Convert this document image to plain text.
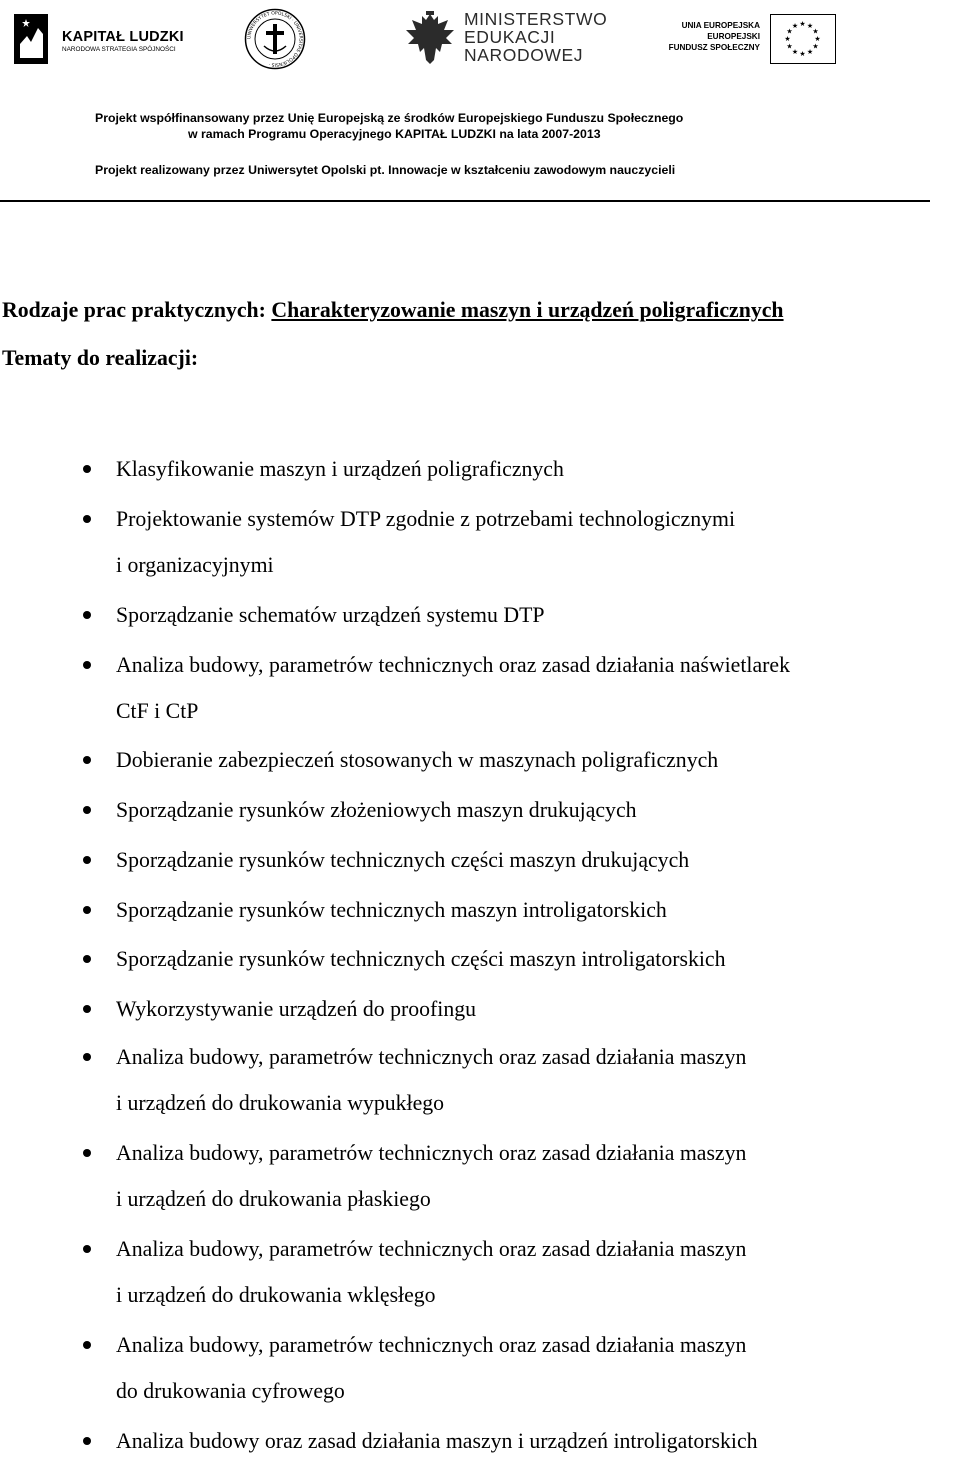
KAPITAŁ LUDZKI
NARODOWA STRATEGIA SPÓJNOŚCI
UNIWERSYTET OPOLSKI · UNIVERSITAS OPOLIENSIS ·
MINISTERSTWO
EDUKACJI
NARODOWEJ
UNIA EUROPEJSKA
EUROPEJSKI
FUNDUSZ SPOŁECZNY
★
★
★
★
★
★
★
★
★ ★ ★
★
Projekt współfinansowany przez Unię Europejską ze środków Europejskiego Funduszu Społecznego
w ramach Programu Operacyjnego KAPITAŁ LUDZKI na lata 2007-2013
Projekt realizowany przez Uniwersytet Opolski pt. Innowacje w kształceniu zawodowym nauczycieli
Rodzaje prac praktycznych: Charakteryzowanie maszyn i urządzeń poligraficznych
Tematy do realizacji:
Klasyfikowanie maszyn i urządzeń poligraficznych
Projektowanie systemów DTP zgodnie z potrzebami technologicznymi
i organizacyjnymi
Sporządzanie schematów urządzeń systemu DTP
Analiza budowy, parametrów technicznych oraz zasad działania naświetlarek
CtF i CtP
Dobieranie zabezpieczeń stosowanych w maszynach poligraficznych
Sporządzanie rysunków złożeniowych maszyn drukujących
Sporządzanie rysunków technicznych części maszyn drukujących
Sporządzanie rysunków technicznych maszyn introligatorskich
Sporządzanie rysunków technicznych części maszyn introligatorskich
Wykorzystywanie urządzeń do proofingu
Analiza budowy, parametrów technicznych oraz zasad działania maszyn
i urządzeń do drukowania wypukłego
Analiza budowy, parametrów technicznych oraz zasad działania maszyn
i urządzeń do drukowania płaskiego
Analiza budowy, parametrów technicznych oraz zasad działania maszyn
i urządzeń do drukowania wklęsłego
Analiza budowy, parametrów technicznych oraz zasad działania maszyn
do drukowania cyfrowego
Analiza budowy oraz zasad działania maszyn i urządzeń introligatorskich
